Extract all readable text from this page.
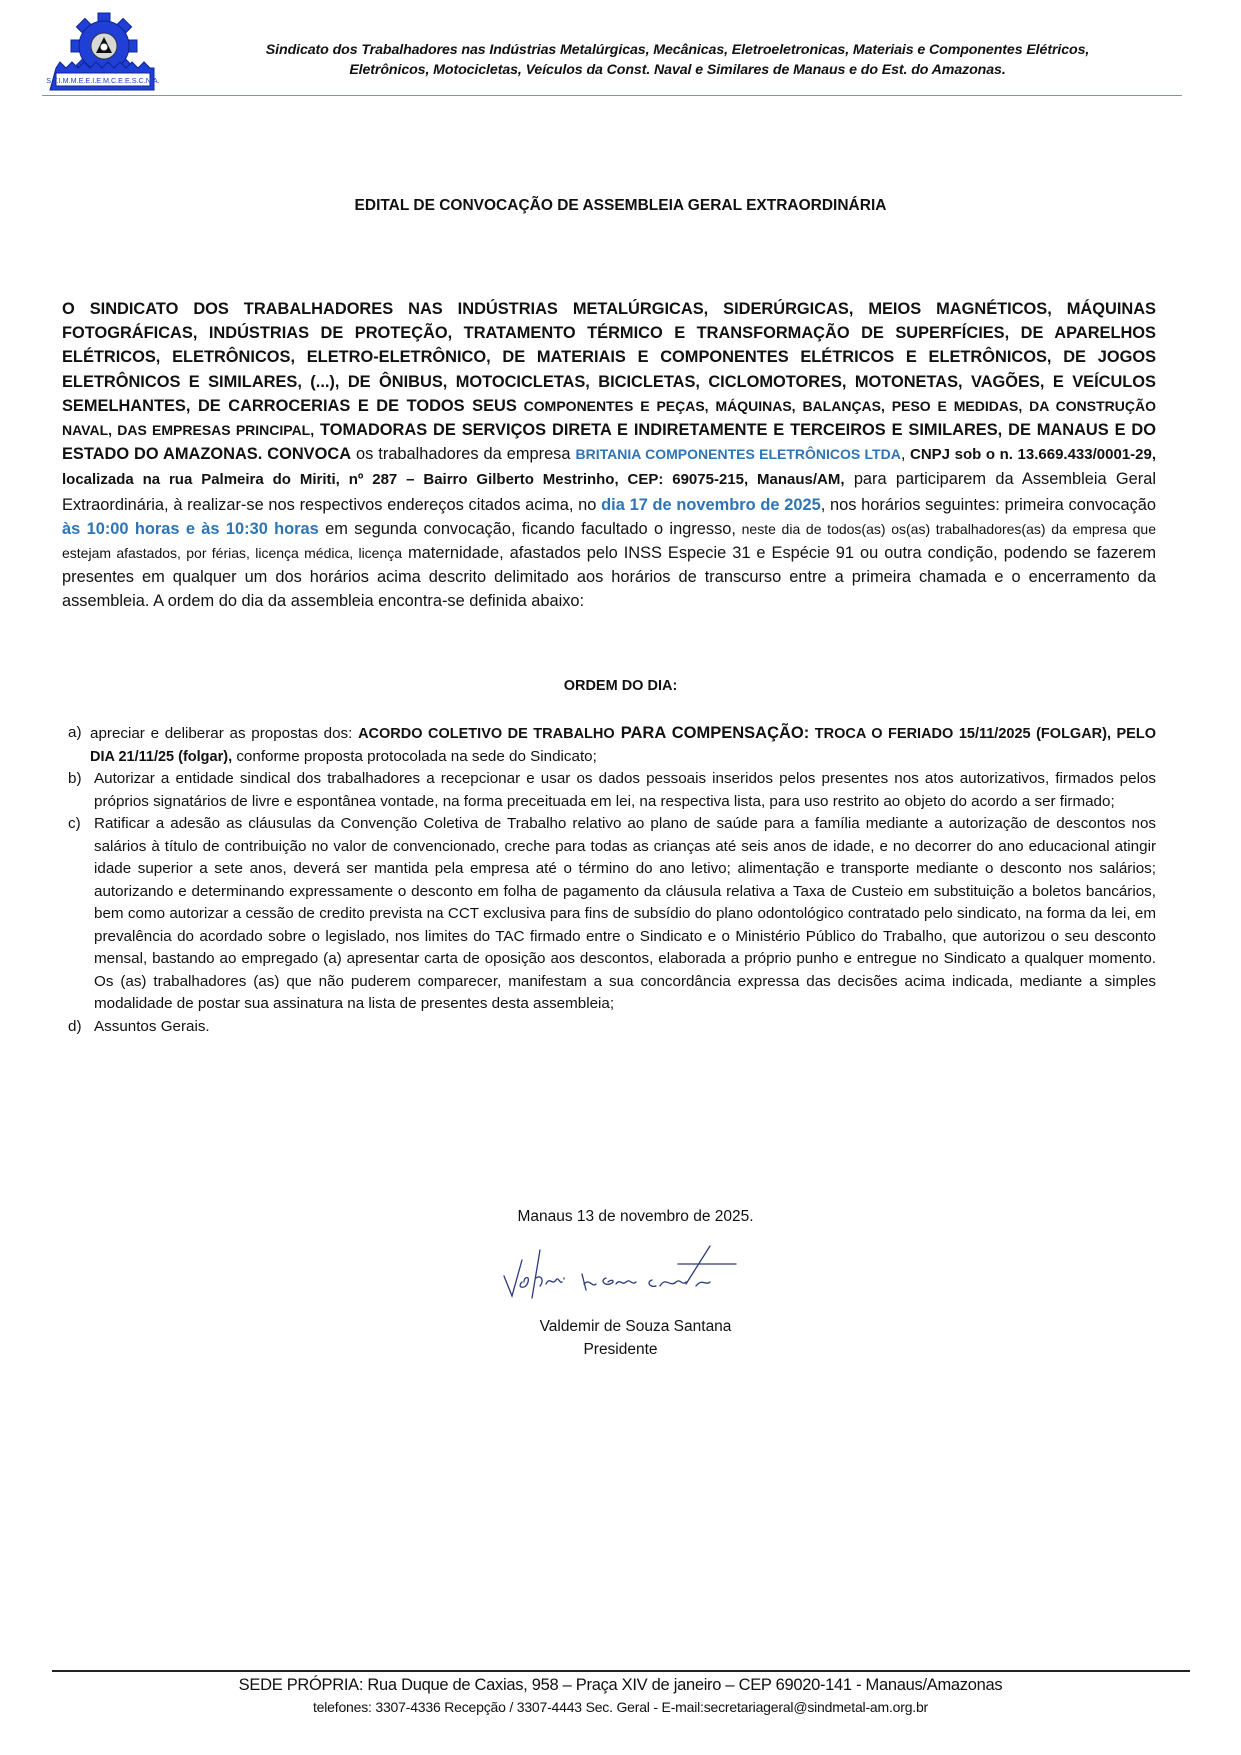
S.T.I.M.M.E.E.I.E.M.C.E.E.S.C.N.A.
Sindicato dos Trabalhadores nas Indústrias Metalúrgicas, Mecânicas, Eletroeletronicas, Materiais e Componentes Elétricos,
Eletrônicos, Motocicletas, Veículos da Const. Naval e Similares de Manaus e do Est. do Amazonas.
EDITAL DE CONVOCAÇÃO DE ASSEMBLEIA GERAL EXTRAORDINÁRIA
O SINDICATO DOS TRABALHADORES NAS INDÚSTRIAS METALÚRGICAS, SIDERÚRGICAS, MEIOS MAGNÉTICOS, MÁQUINAS FOTOGRÁFICAS, INDÚSTRIAS DE PROTEÇÃO, TRATAMENTO TÉRMICO E TRANSFORMAÇÃO DE SUPERFÍCIES, DE APARELHOS ELÉTRICOS, ELETRÔNICOS, ELETRO-ELETRÔNICO, DE MATERIAIS E COMPONENTES ELÉTRICOS E ELETRÔNICOS, DE JOGOS ELETRÔNICOS E SIMILARES, (...), DE ÔNIBUS, MOTOCICLETAS, BICICLETAS, CICLOMOTORES, MOTONETAS, VAGÕES, E VEÍCULOS SEMELHANTES, DE CARROCERIAS E DE TODOS SEUS COMPONENTES E PEÇAS, MÁQUINAS, BALANÇAS, PESO E MEDIDAS, DA CONSTRUÇÃO NAVAL, DAS EMPRESAS PRINCIPAL, TOMADORAS DE SERVIÇOS DIRETA E INDIRETAMENTE E TERCEIROS E SIMILARES, DE MANAUS E DO ESTADO DO AMAZONAS. CONVOCA os trabalhadores da empresa BRITANIA COMPONENTES ELETRÔNICOS LTDA, CNPJ sob o n. 13.669.433/0001-29, localizada na rua Palmeira do Miriti, nº 287 – Bairro Gilberto Mestrinho, CEP: 69075-215, Manaus/AM, para participarem da Assembleia Geral Extraordinária, à realizar-se nos respectivos endereços citados acima, no dia 17 de novembro de 2025, nos horários seguintes: primeira convocação às 10:00 horas e às 10:30 horas em segunda convocação, ficando facultado o ingresso, neste dia de todos(as) os(as) trabalhadores(as) da empresa que estejam afastados, por férias, licença médica, licença maternidade, afastados pelo INSS Especie 31 e Espécie 91 ou outra condição, podendo se fazerem presentes em qualquer um dos horários acima descrito delimitado aos horários de transcurso entre a primeira chamada e o encerramento da assembleia. A ordem do dia da assembleia encontra-se definida abaixo:
ORDEM DO DIA:
a) apreciar e deliberar as propostas dos: ACORDO COLETIVO DE TRABALHO PARA COMPENSAÇÃO: TROCA O FERIADO 15/11/2025 (FOLGAR), PELO DIA 21/11/25 (folgar), conforme proposta protocolada na sede do Sindicato;
b) Autorizar a entidade sindical dos trabalhadores a recepcionar e usar os dados pessoais inseridos pelos presentes nos atos autorizativos, firmados pelos próprios signatários de livre e espontânea vontade, na forma preceituada em lei, na respectiva lista, para uso restrito ao objeto do acordo a ser firmado;
c) Ratificar a adesão as cláusulas da Convenção Coletiva de Trabalho relativo ao plano de saúde para a família mediante a autorização de descontos nos salários à título de contribuição no valor de convencionado, creche para todas as crianças até seis anos de idade, e no decorrer do ano educacional atingir idade superior a sete anos, deverá ser mantida pela empresa até o término do ano letivo; alimentação e transporte mediante o desconto nos salários; autorizando e determinando expressamente o desconto em folha de pagamento da cláusula relativa a Taxa de Custeio em substituição a boletos bancários, bem como autorizar a cessão de credito prevista na CCT exclusiva para fins de subsídio do plano odontológico contratado pelo sindicato, na forma da lei, em prevalência do acordado sobre o legislado, nos limites do TAC firmado entre o Sindicato e o Ministério Público do Trabalho, que autorizou o seu desconto mensal, bastando ao empregado (a) apresentar carta de oposição aos descontos, elaborada a próprio punho e entregue no Sindicato a qualquer momento. Os (as) trabalhadores (as) que não puderem comparecer, manifestam a sua concordância expressa das decisões acima indicada, mediante a simples modalidade de postar sua assinatura na lista de presentes desta assembleia;
d) Assuntos Gerais.
Manaus 13 de novembro de 2025.
Valdemir de Souza Santana
Presidente
SEDE PRÓPRIA: Rua Duque de Caxias, 958 – Praça XIV de janeiro – CEP 69020-141 - Manaus/Amazonas
telefones: 3307-4336 Recepção / 3307-4443 Sec. Geral - E-mail:secretariageral@sindmetal-am.org.br
